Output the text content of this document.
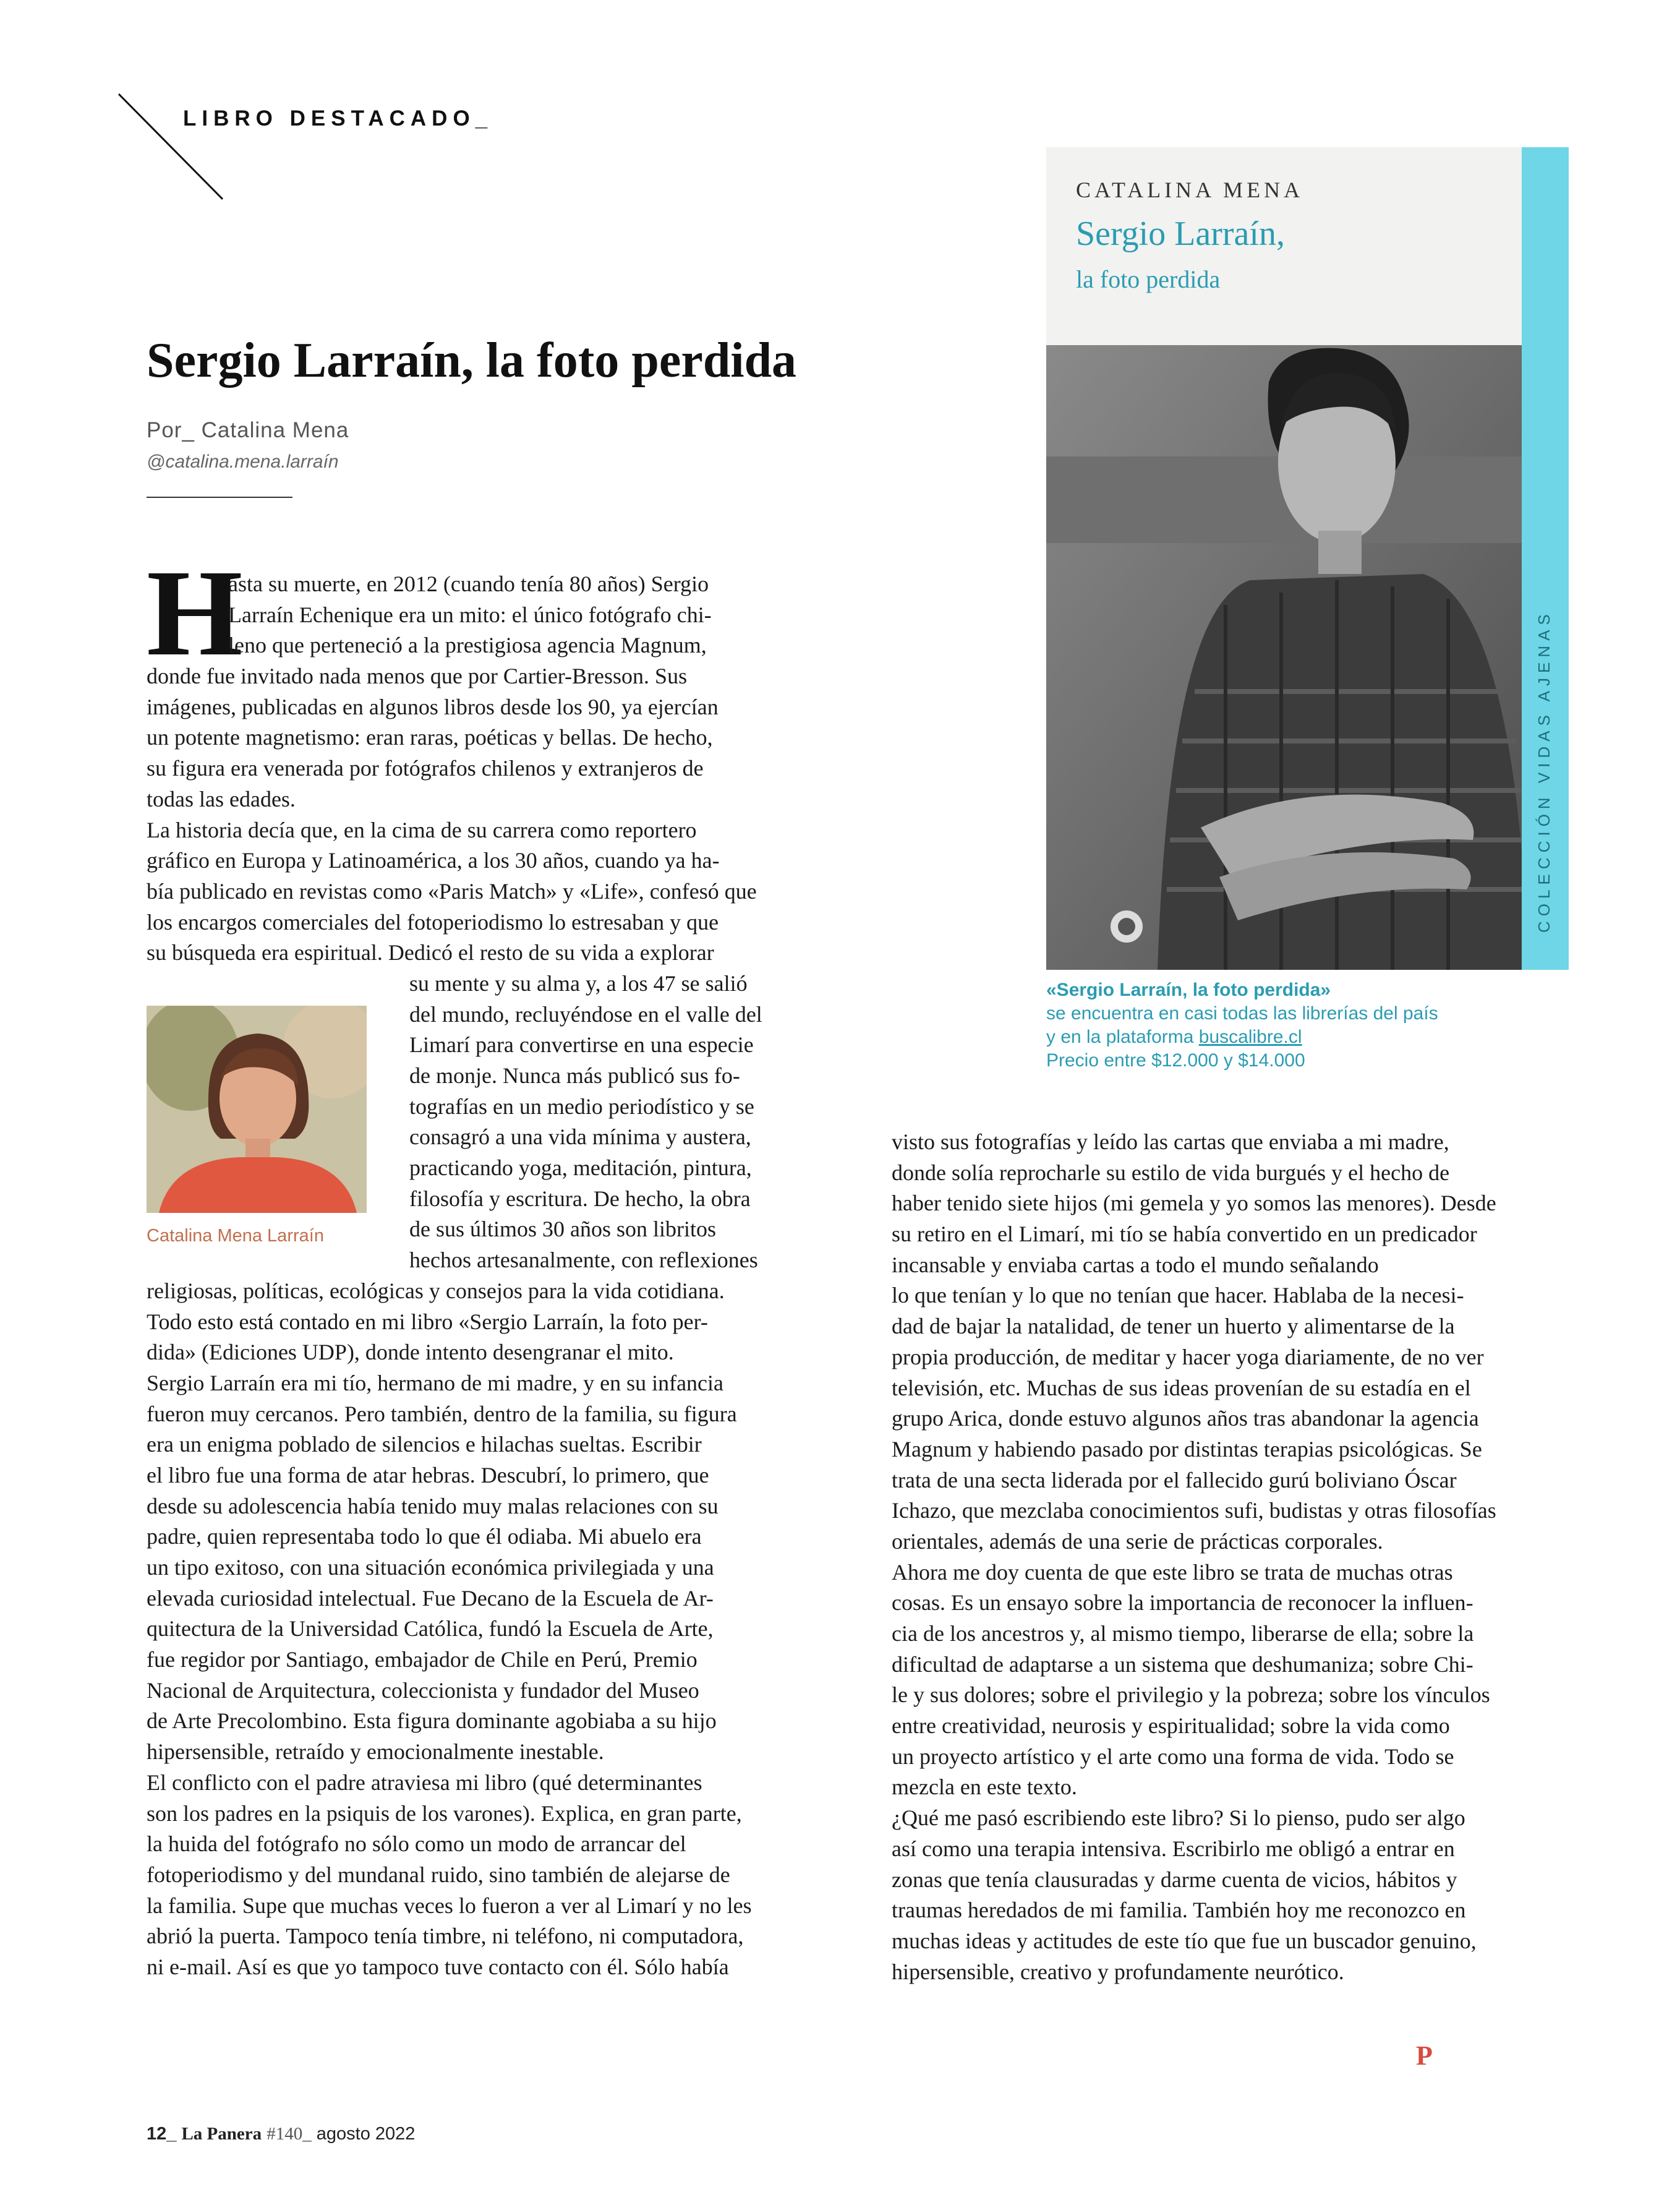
LIBRO DESTACADO_
Sergio Larraín, la foto perdida
Por_ Catalina Mena
@catalina.mena.larraín
H
asta su muerte, en 2012 (cuando tenía 80 años) Sergio
Larraín Echenique era un mito: el único fotógrafo chi-
leno que perteneció a la prestigiosa agencia Magnum,
donde fue invitado nada menos que por Cartier-Bresson. Sus
imágenes, publicadas en algunos libros desde los 90, ya ejercían
un potente magnetismo: eran raras, poéticas y bellas. De hecho,
su figura era venerada por fotógrafos chilenos y extranjeros de
todas las edades.
La historia decía que, en la cima de su carrera como reportero
gráfico en Europa y Latinoamérica, a los 30 años, cuando ya ha-
bía publicado en revistas como «Paris Match» y «Life», confesó que
los encargos comerciales del fotoperiodismo lo estresaban y que
su búsqueda era espiritual. Dedicó el resto de su vida a explorar
su mente y su alma y, a los 47 se salió
del mundo, recluyéndose en el valle del
Limarí para convertirse en una especie
de monje. Nunca más publicó sus fo-
tografías en un medio periodístico y se
consagró a una vida mínima y austera,
practicando yoga, meditación, pintura,
filosofía y escritura. De hecho, la obra
de sus últimos 30 años son libritos
hechos artesanalmente, con reflexiones
religiosas, políticas, ecológicas y consejos para la vida cotidiana.
Todo esto está contado en mi libro «Sergio Larraín, la foto per-
dida» (Ediciones UDP), donde intento desengranar el mito.
Sergio Larraín era mi tío, hermano de mi madre, y en su infancia
fueron muy cercanos. Pero también, dentro de la familia, su figura
era un enigma poblado de silencios e hilachas sueltas. Escribir
el libro fue una forma de atar hebras. Descubrí, lo primero, que
desde su adolescencia había tenido muy malas relaciones con su
padre, quien representaba todo lo que él odiaba. Mi abuelo era
un tipo exitoso, con una situación económica privilegiada y una
elevada curiosidad intelectual. Fue Decano de la Escuela de Ar-
quitectura de la Universidad Católica, fundó la Escuela de Arte,
fue regidor por Santiago, embajador de Chile en Perú, Premio
Nacional de Arquitectura, coleccionista y fundador del Museo
de Arte Precolombino. Esta figura dominante agobiaba a su hijo
hipersensible, retraído y emocionalmente inestable.
El conflicto con el padre atraviesa mi libro (qué determinantes
son los padres en la psiquis de los varones). Explica, en gran parte,
la huida del fotógrafo no sólo como un modo de arrancar del
fotoperiodismo y del mundanal ruido, sino también de alejarse de
la familia. Supe que muchas veces lo fueron a ver al Limarí y no les
abrió la puerta. Tampoco tenía timbre, ni teléfono, ni computadora,
ni e-mail. Así es que yo tampoco tuve contacto con él. Sólo había
Catalina Mena Larraín
CATALINA MENA
Sergio Larraín,
la foto perdida
COLECCIÓN VIDAS AJENAS
«Sergio Larraín, la foto perdida»
se encuentra en casi todas las librerías del país
y en la plataforma buscalibre.cl
Precio entre $12.000 y $14.000
visto sus fotografías y leído las cartas que enviaba a mi madre,
donde solía reprocharle su estilo de vida burgués y el hecho de
haber tenido siete hijos (mi gemela y yo somos las menores). Desde
su retiro en el Limarí, mi tío se había convertido en un predicador
incansable y enviaba cartas a todo el mundo señalando
lo que tenían y lo que no tenían que hacer. Hablaba de la necesi-
dad de bajar la natalidad, de tener un huerto y alimentarse de la
propia producción, de meditar y hacer yoga diariamente, de no ver
televisión, etc. Muchas de sus ideas provenían de su estadía en el
grupo Arica, donde estuvo algunos años tras abandonar la agencia
Magnum y habiendo pasado por distintas terapias psicológicas. Se
trata de una secta liderada por el fallecido gurú boliviano Óscar
Ichazo, que mezclaba conocimientos sufi, budistas y otras filosofías
orientales, además de una serie de prácticas corporales.
Ahora me doy cuenta de que este libro se trata de muchas otras
cosas. Es un ensayo sobre la importancia de reconocer la influen-
cia de los ancestros y, al mismo tiempo, liberarse de ella; sobre la
dificultad de adaptarse a un sistema que deshumaniza; sobre Chi-
le y sus dolores; sobre el privilegio y la pobreza; sobre los vínculos
entre creatividad, neurosis y espiritualidad; sobre la vida como
un proyecto artístico y el arte como una forma de vida. Todo se
mezcla en este texto.
¿Qué me pasó escribiendo este libro? Si lo pienso, pudo ser algo
así como una terapia intensiva. Escribirlo me obligó a entrar en
zonas que tenía clausuradas y darme cuenta de vicios, hábitos y
traumas heredados de mi familia. También hoy me reconozco en
muchas ideas y actitudes de este tío que fue un buscador genuino,
hipersensible, creativo y profundamente neurótico.
P
12_ La Panera #140_ agosto 2022
